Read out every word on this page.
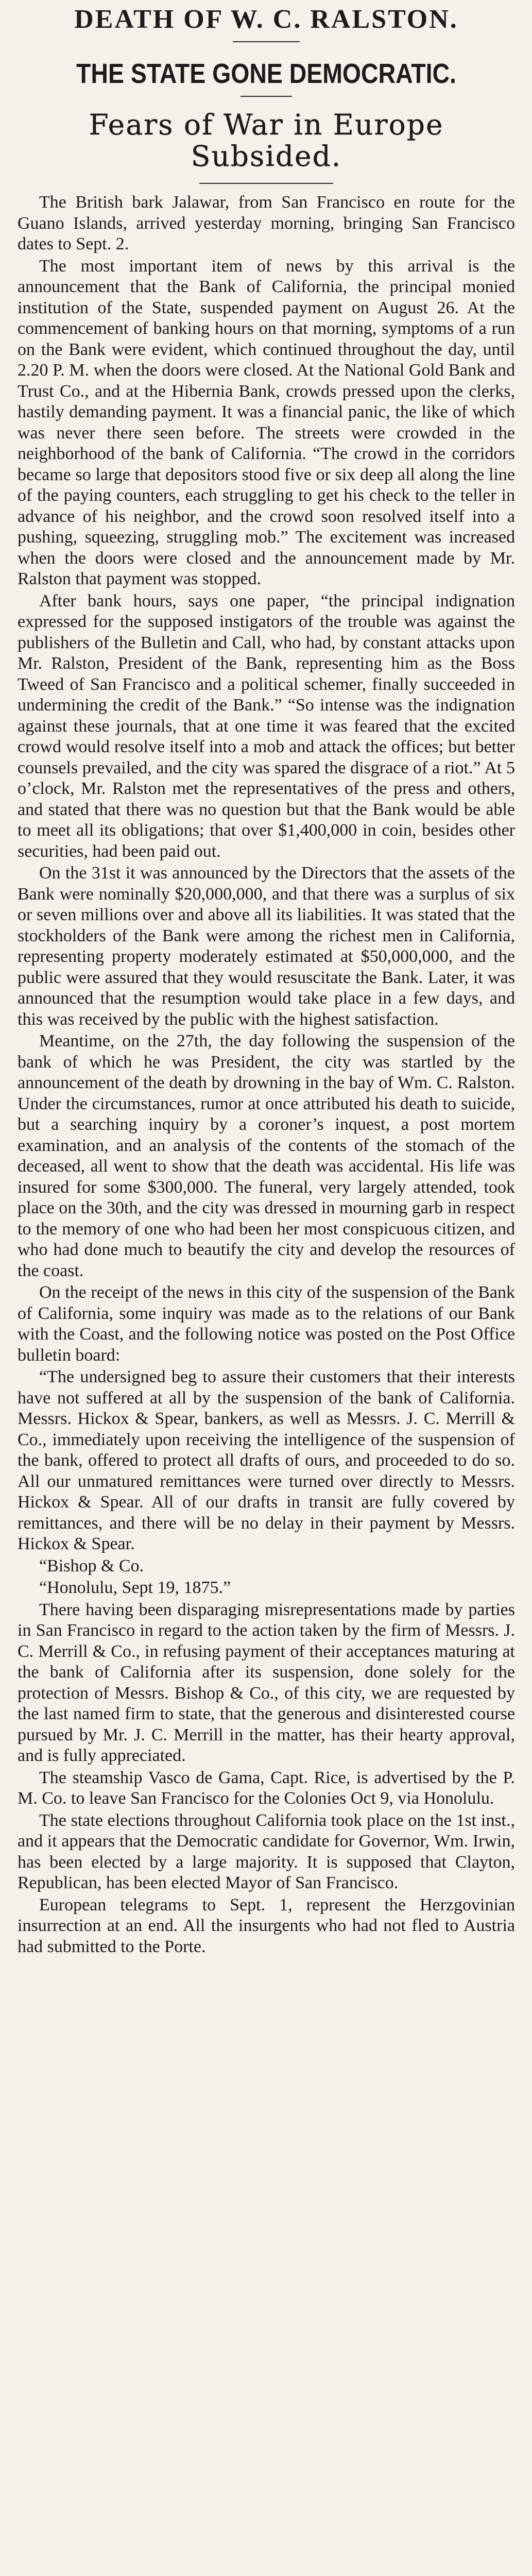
DEATH OF W. C. RALSTON.
THE STATE GONE DEMOCRATIC.
Fears of War in Europe Subsided.

The British bark Jalawar, from San Francisco en route for the Guano Islands, arrived yesterday morning, bringing San Francisco dates to Sept. 2.

The most important item of news by this arrival is the announcement that the Bank of California, the principal monied institution of the State, suspended payment on August 26. At the commencement of banking hours on that morning, symptoms of a run on the Bank were evident, which continued throughout the day, until 2.20 P. M. when the doors were closed. At the National Gold Bank and Trust Co., and at the Hibernia Bank, crowds pressed upon the clerks, hastily demanding payment. It was a financial panic, the like of which was never there seen before. The streets were crowded in the neighborhood of the bank of California. “The crowd in the corridors became so large that depositors stood five or six deep all along the line of the paying counters, each struggling to get his check to the teller in advance of his neighbor, and the crowd soon resolved itself into a pushing, squeezing, struggling mob.” The excitement was increased when the doors were closed and the announcement made by Mr. Ralston that payment was stopped.

After bank hours, says one paper, “the principal indignation expressed for the supposed instigators of the trouble was against the publishers of the Bulletin and Call, who had, by constant attacks upon Mr. Ralston, President of the Bank, representing him as the Boss Tweed of San Francisco and a political schemer, finally succeeded in undermining the credit of the Bank.” “So intense was the indignation against these journals, that at one time it was feared that the excited crowd would resolve itself into a mob and attack the offices; but better counsels prevailed, and the city was spared the disgrace of a riot.” At 5 o’clock, Mr. Ralston met the representatives of the press and others, and stated that there was no question but that the Bank would be able to meet all its obligations; that over $1,400,000 in coin, besides other securities, had been paid out.

On the 31st it was announced by the Directors that the assets of the Bank were nominally $20,000,000, and that there was a surplus of six or seven millions over and above all its liabilities. It was stated that the stockholders of the Bank were among the richest men in California, representing property moderately estimated at $50,000,000, and the public were assured that they would resuscitate the Bank. Later, it was announced that the resumption would take place in a few days, and this was received by the public with the highest satisfaction.

Meantime, on the 27th, the day following the suspension of the bank of which he was President, the city was startled by the announcement of the death by drowning in the bay of Wm. C. Ralston. Under the circumstances, rumor at once attributed his death to suicide, but a searching inquiry by a coroner’s inquest, a post mortem examination, and an analysis of the contents of the stomach of the deceased, all went to show that the death was accidental. His life was insured for some $300,000. The funeral, very largely attended, took place on the 30th, and the city was dressed in mourning garb in respect to the memory of one who had been her most conspicuous citizen, and who had done much to beautify the city and develop the resources of the coast.

On the receipt of the news in this city of the suspension of the Bank of California, some inquiry was made as to the relations of our Bank with the Coast, and the following notice was posted on the Post Office bulletin board:

“The undersigned beg to assure their customers that their interests have not suffered at all by the suspension of the bank of California. Messrs. Hickox & Spear, bankers, as well as Messrs. J. C. Merrill & Co., immediately upon receiving the intelligence of the suspension of the bank, offered to protect all drafts of ours, and proceeded to do so. All our unmatured remittances were turned over directly to Messrs. Hickox & Spear. All of our drafts in transit are fully covered by remittances, and there will be no delay in their payment by Messrs. Hickox & Spear.

“Bishop & Co.

“Honolulu, Sept 19, 1875.”

There having been disparaging misrepresentations made by parties in San Francisco in regard to the action taken by the firm of Messrs. J. C. Merrill & Co., in refusing payment of their acceptances maturing at the bank of California after its suspension, done solely for the protection of Messrs. Bishop & Co., of this city, we are requested by the last named firm to state, that the generous and disinterested course pursued by Mr. J. C. Merrill in the matter, has their hearty approval, and is fully appreciated.

The steamship Vasco de Gama, Capt. Rice, is advertised by the P. M. Co. to leave San Francisco for the Colonies Oct 9, via Honolulu.

The state elections throughout California took place on the 1st inst., and it appears that the Democratic candidate for Governor, Wm. Irwin, has been elected by a large majority. It is supposed that Clayton, Republican, has been elected Mayor of San Francisco.

European telegrams to Sept. 1, represent the Herzgovinian insurrection at an end. All the insurgents who had not fled to Austria had submitted to the Porte.
